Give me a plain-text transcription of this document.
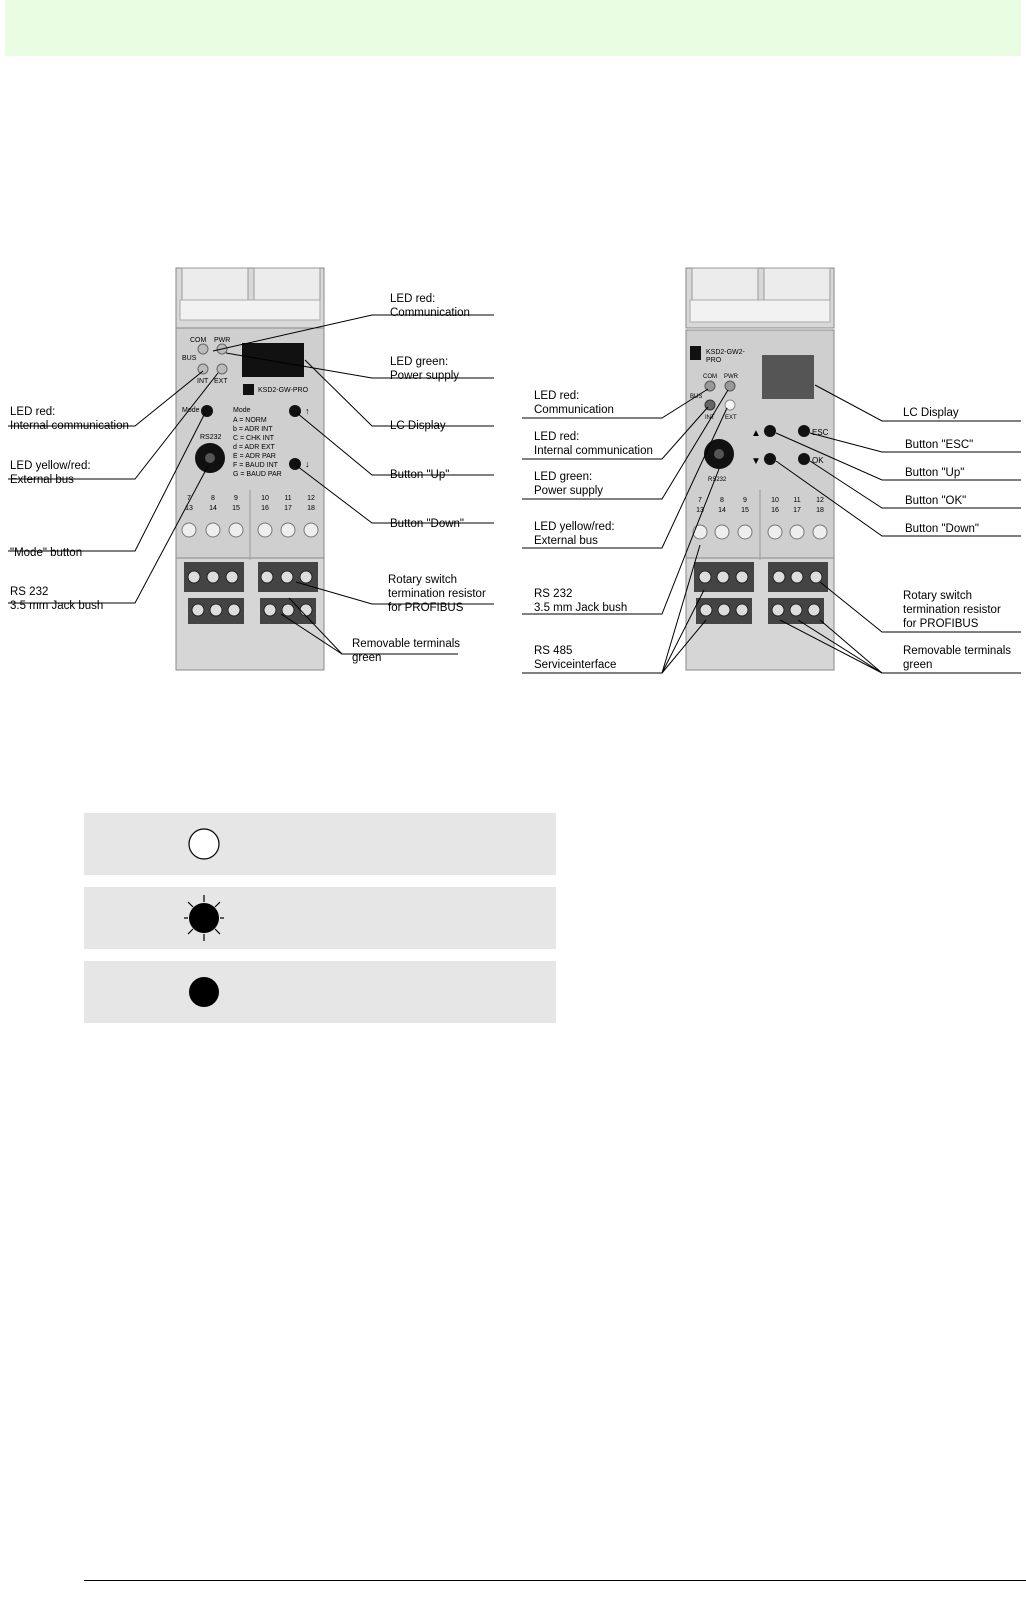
COM PWR
BUS
INT EXT
KSD2-GW-PRO
Mode	↑
↓
Mode
A = NORM
b = ADR INT
C = CHK INT
d = ADR EXT
E = ADR PAR
F = BAUD INT
G = BAUD PAR
RS232
7	8	9	10 11 12
13 14 15	16 17 18
KSD2-GW2-
PRO
COM PWR
BUS
INT EXT
▲
▼
ESC
OK
RS232
7	8	9	10 11 12
13 14 15	16 17 18
LED red:
Communication
LED green:
Power supply
LC Display
Button "Up"
Button "Down"
Rotary switch
termination resistor
for PROFIBUS
Removable terminals
green
LED red:
Internal communication
LED yellow/red:
External bus
"Mode" button
RS 232
3.5 mm Jack bush
LED red:
Communication
LED red:
Internal communication
LED green:
Power supply
LED yellow/red:
External bus
RS 232
3.5 mm Jack bush
RS 485
Serviceinterface
LC Display
Button "ESC"
Button "Up"
Button "OK"
Button "Down"
Rotary switch
termination resistor
for PROFIBUS
Removable terminals
green
